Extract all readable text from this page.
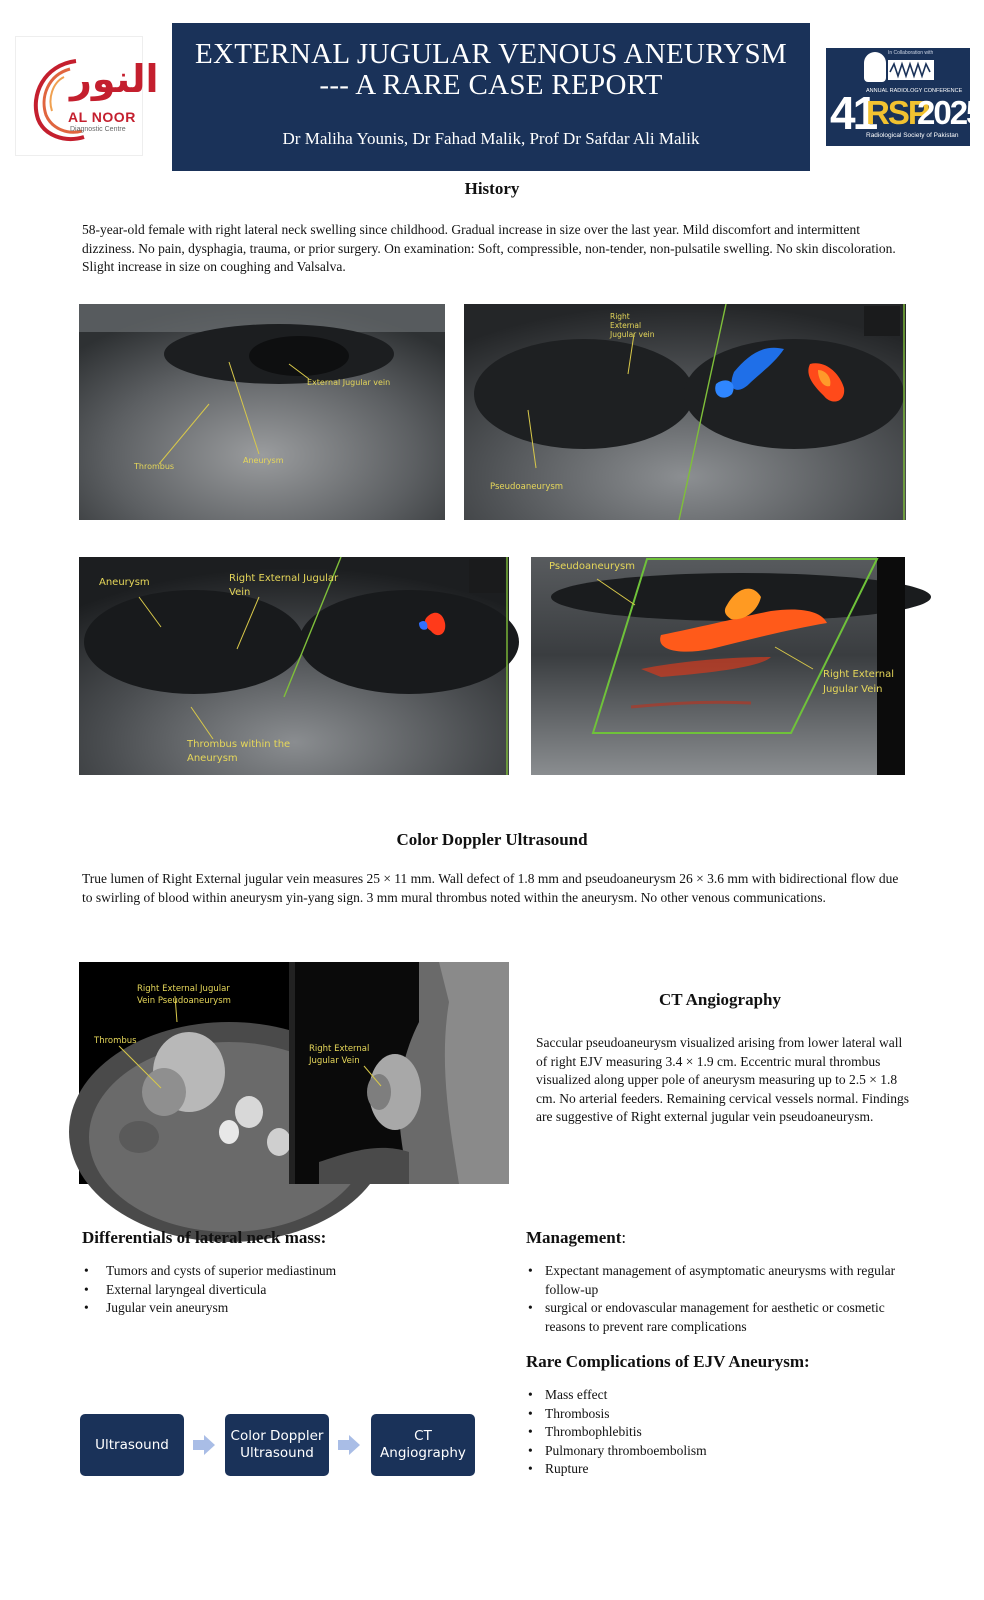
النور
AL NOOR
Diagnostic Centre
EXTERNAL JUGULAR VENOUS ANEURYSM --- A RARE CASE REPORT
Dr Maliha Younis, Dr Fahad Malik, Prof Dr Safdar Ali Malik
In Collaboration with
41
ANNUAL RADIOLOGY CONFERENCE
RSP
2025
Radiological Society of Pakistan
History
58-year-old female with right lateral neck swelling since childhood. Gradual increase in size over the last year. Mild discomfort and intermittent dizziness. No pain, dysphagia, trauma, or prior surgery. On examination: Soft, compressible, non-tender, non-pulsatile swelling. No skin discoloration. Slight increase in size on coughing and Valsalva.
External Jugular vein
Thrombus
Aneurysm
Right External Jugular vein
Pseudoaneurysm
Aneurysm	Right External Jugular
Vein
Thrombus within the
Aneurysm
Pseudoaneurysm
Right External
Jugular Vein
Color Doppler Ultrasound
True lumen of Right External jugular vein measures 25 × 11 mm. Wall defect of 1.8 mm and pseudoaneurysm 26 × 3.6 mm with bidirectional flow due to swirling of blood within aneurysm yin-yang sign. 3 mm mural thrombus noted within the aneurysm. No other venous communications.
Right External Jugular
Vein Pseudoaneurysm
Thrombus
Right External
Jugular Vein
CT Angiography
Saccular pseudoaneurysm visualized arising from lower lateral wall of right EJV measuring 3.4 × 1.9 cm. Eccentric mural thrombus visualized along upper pole of aneurysm measuring up to 2.5 × 1.8 cm. No arterial feeders. Remaining cervical vessels normal. Findings are suggestive of Right external jugular vein pseudoaneurysm.
Differentials of lateral neck mass:
• Tumors and cysts of superior mediastinum
• External laryngeal diverticula
• Jugular vein aneurysm
Management:
• Expectant management of asymptomatic aneurysms with regular follow-up
• surgical or endovascular management for aesthetic or cosmetic reasons to prevent rare complications
Rare Complications of EJV Aneurysm:
• Mass effect
• Thrombosis
• Thrombophlebitis
• Pulmonary thromboembolism
• Rupture
Ultrasound
Color Doppler
Ultrasound
CT
Angiography
